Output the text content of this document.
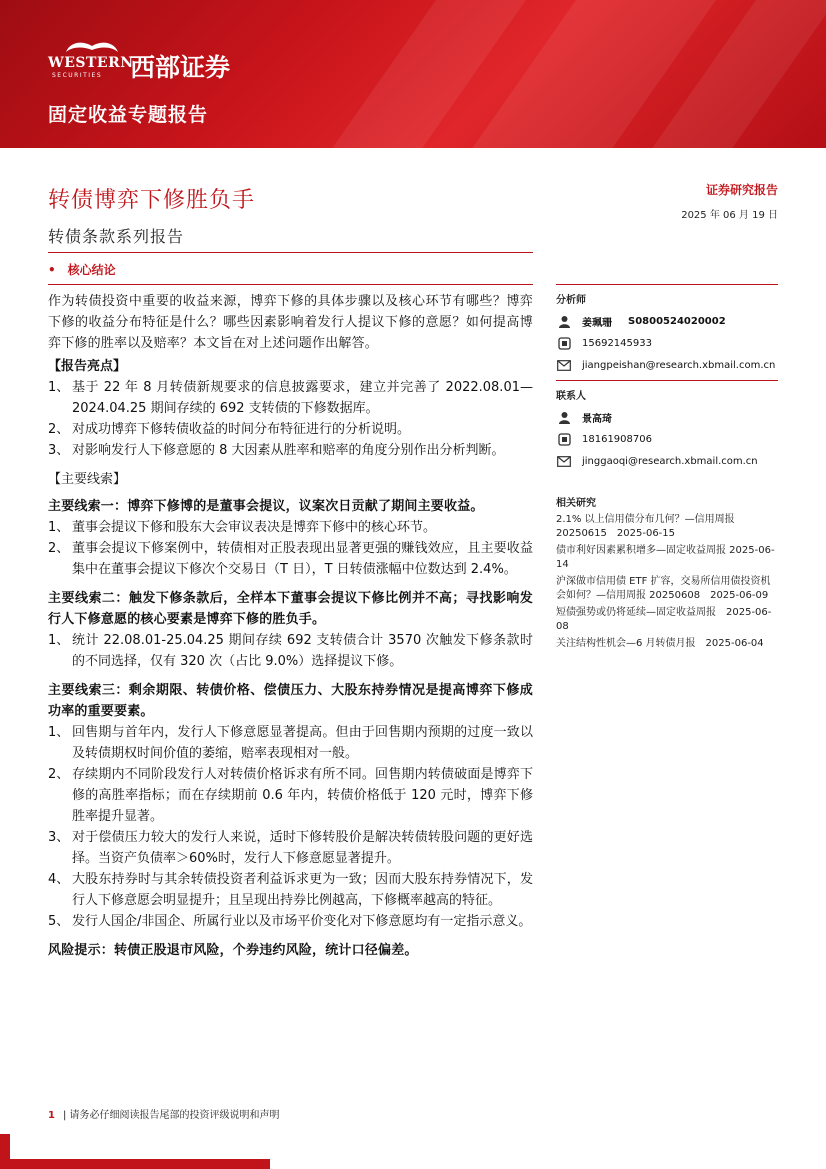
WESTERN
SECURITIES 西部证券
固定收益专题报告
转债博弈下修胜负手
转债条款系列报告
证券研究报告
2025 年 06 月 19 日
• 核心结论
作为转债投资中重要的收益来源，博弈下修的具体步骤以及核心环节有哪些？博弈下修的收益分布特征是什么？哪些因素影响着发行人提议下修的意愿？如何提高博弈下修的胜率以及赔率？本文旨在对上述问题作出解答。
【报告亮点】
1、 基于 22 年 8 月转债新规要求的信息披露要求，建立并完善了 2022.08.01—2024.04.25 期间存续的 692 支转债的下修数据库。
2、 对成功博弈下修转债收益的时间分布特征进行的分析说明。
3、 对影响发行人下修意愿的 8 大因素从胜率和赔率的角度分别作出分析判断。
【主要线索】
主要线索一：博弈下修博的是董事会提议，议案次日贡献了期间主要收益。
1、 董事会提议下修和股东大会审议表决是博弈下修中的核心环节。
2、 董事会提议下修案例中，转债相对正股表现出显著更强的赚钱效应，且主要收益集中在董事会提议下修次个交易日（T 日），T 日转债涨幅中位数达到 2.4%。
主要线索二：触发下修条款后，全样本下董事会提议下修比例并不高；寻找影响发行人下修意愿的核心要素是博弈下修的胜负手。
1、 统计 22.08.01-25.04.25 期间存续 692 支转债合计 3570 次触发下修条款时的不同选择，仅有 320 次（占比 9.0%）选择提议下修。
主要线索三：剩余期限、转债价格、偿债压力、大股东持券情况是提高博弈下修成功率的重要要素。
1、 回售期与首年内，发行人下修意愿显著提高。但由于回售期内预期的过度一致以及转债期权时间价值的萎缩，赔率表现相对一般。
2、 存续期内不同阶段发行人对转债价格诉求有所不同。回售期内转债破面是博弈下修的高胜率指标；而在存续期前 0.6 年内，转债价格低于 120 元时，博弈下修胜率提升显著。
3、 对于偿债压力较大的发行人来说，适时下修转股价是解决转债转股问题的更好选择。当资产负债率＞60%时，发行人下修意愿显著提升。
4、 大股东持券时与其余转债投资者利益诉求更为一致；因而大股东持券情况下，发行人下修意愿会明显提升；且呈现出持券比例越高，下修概率越高的特征。
5、 发行人国企/非国企、所属行业以及市场平价变化对下修意愿均有一定指示意义。
风险提示：转债正股退市风险，个券违约风险，统计口径偏差。
分析师
姜珮珊 S0800524020002
15692145933
jiangpeishan@research.xbmail.com.cn
联系人
景高琦
18161908706
jinggaoqi@research.xbmail.com.cn
相关研究
2.1% 以上信用债分布几何？—信用周报 20250615　2025-06-15
债市利好因素累积增多—固定收益周报 2025-06-14
沪深做市信用债 ETF 扩容，交易所信用债投资机会如何？—信用周报 20250608　2025-06-09
短债强势或仍将延续—固定收益周报　2025-06-08
关注结构性机会—6 月转债月报　2025-06-04
1 | 请务必仔细阅读报告尾部的投资评级说明和声明
